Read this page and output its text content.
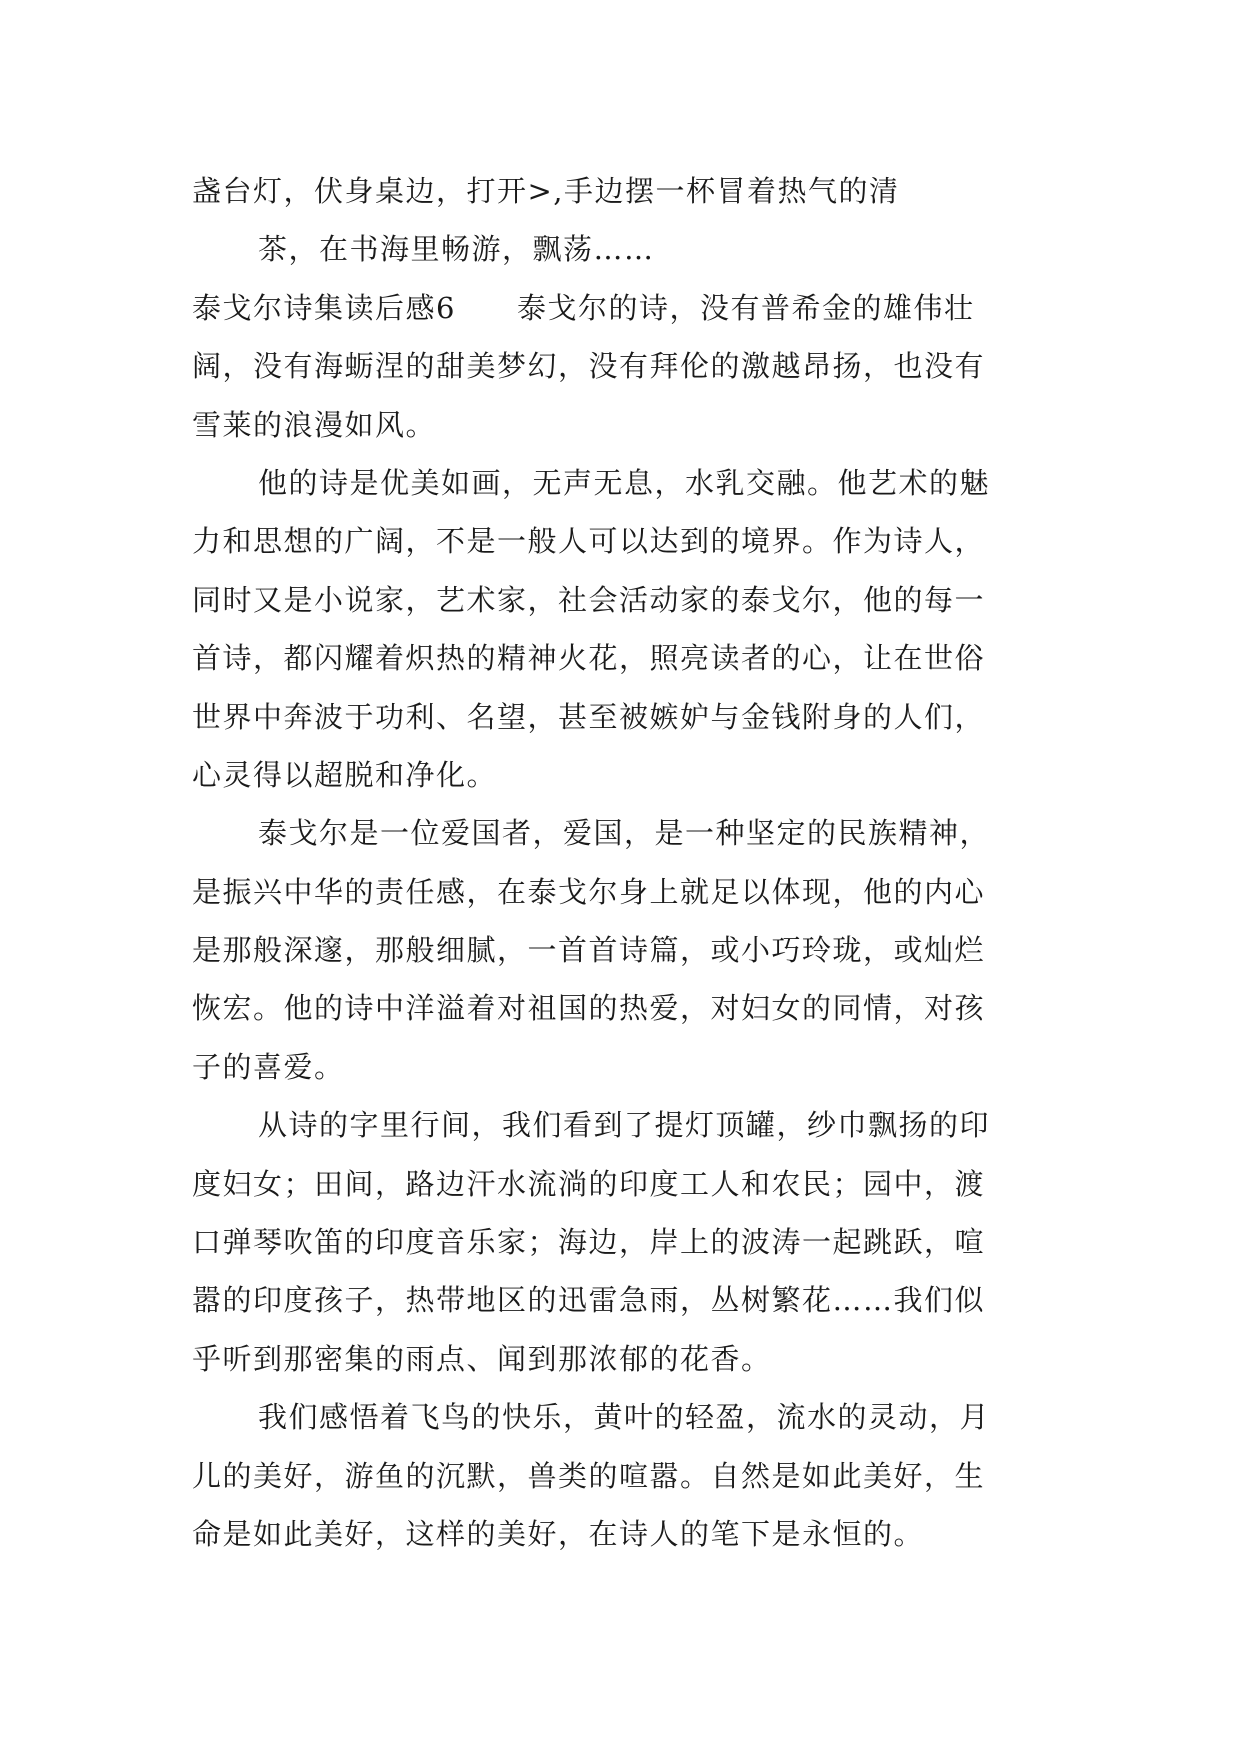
盏台灯，伏身桌边，打开>,手边摆一杯冒着热气的清
茶，在书海里畅游，飘荡……
泰戈尔诗集读后感6　　泰戈尔的诗，没有普希金的雄伟壮
阔，没有海蛎涅的甜美梦幻，没有拜伦的激越昂扬，也没有
雪莱的浪漫如风。
他的诗是优美如画，无声无息，水乳交融。他艺术的魅
力和思想的广阔，不是一般人可以达到的境界。作为诗人，
同时又是小说家，艺术家，社会活动家的泰戈尔，他的每一
首诗，都闪耀着炽热的精神火花，照亮读者的心，让在世俗
世界中奔波于功利、名望，甚至被嫉妒与金钱附身的人们，
心灵得以超脱和净化。
泰戈尔是一位爱国者，爱国，是一种坚定的民族精神，
是振兴中华的责任感，在泰戈尔身上就足以体现，他的内心
是那般深邃，那般细腻，一首首诗篇，或小巧玲珑，或灿烂
恢宏。他的诗中洋溢着对祖国的热爱，对妇女的同情，对孩
子的喜爱。
从诗的字里行间，我们看到了提灯顶罐，纱巾飘扬的印
度妇女；田间，路边汗水流淌的印度工人和农民；园中，渡
口弹琴吹笛的印度音乐家；海边，岸上的波涛一起跳跃，喧
嚣的印度孩子，热带地区的迅雷急雨，丛树繁花……我们似
乎听到那密集的雨点、闻到那浓郁的花香。
我们感悟着飞鸟的快乐，黄叶的轻盈，流水的灵动，月
儿的美好，游鱼的沉默，兽类的喧嚣。自然是如此美好，生
命是如此美好，这样的美好，在诗人的笔下是永恒的。
